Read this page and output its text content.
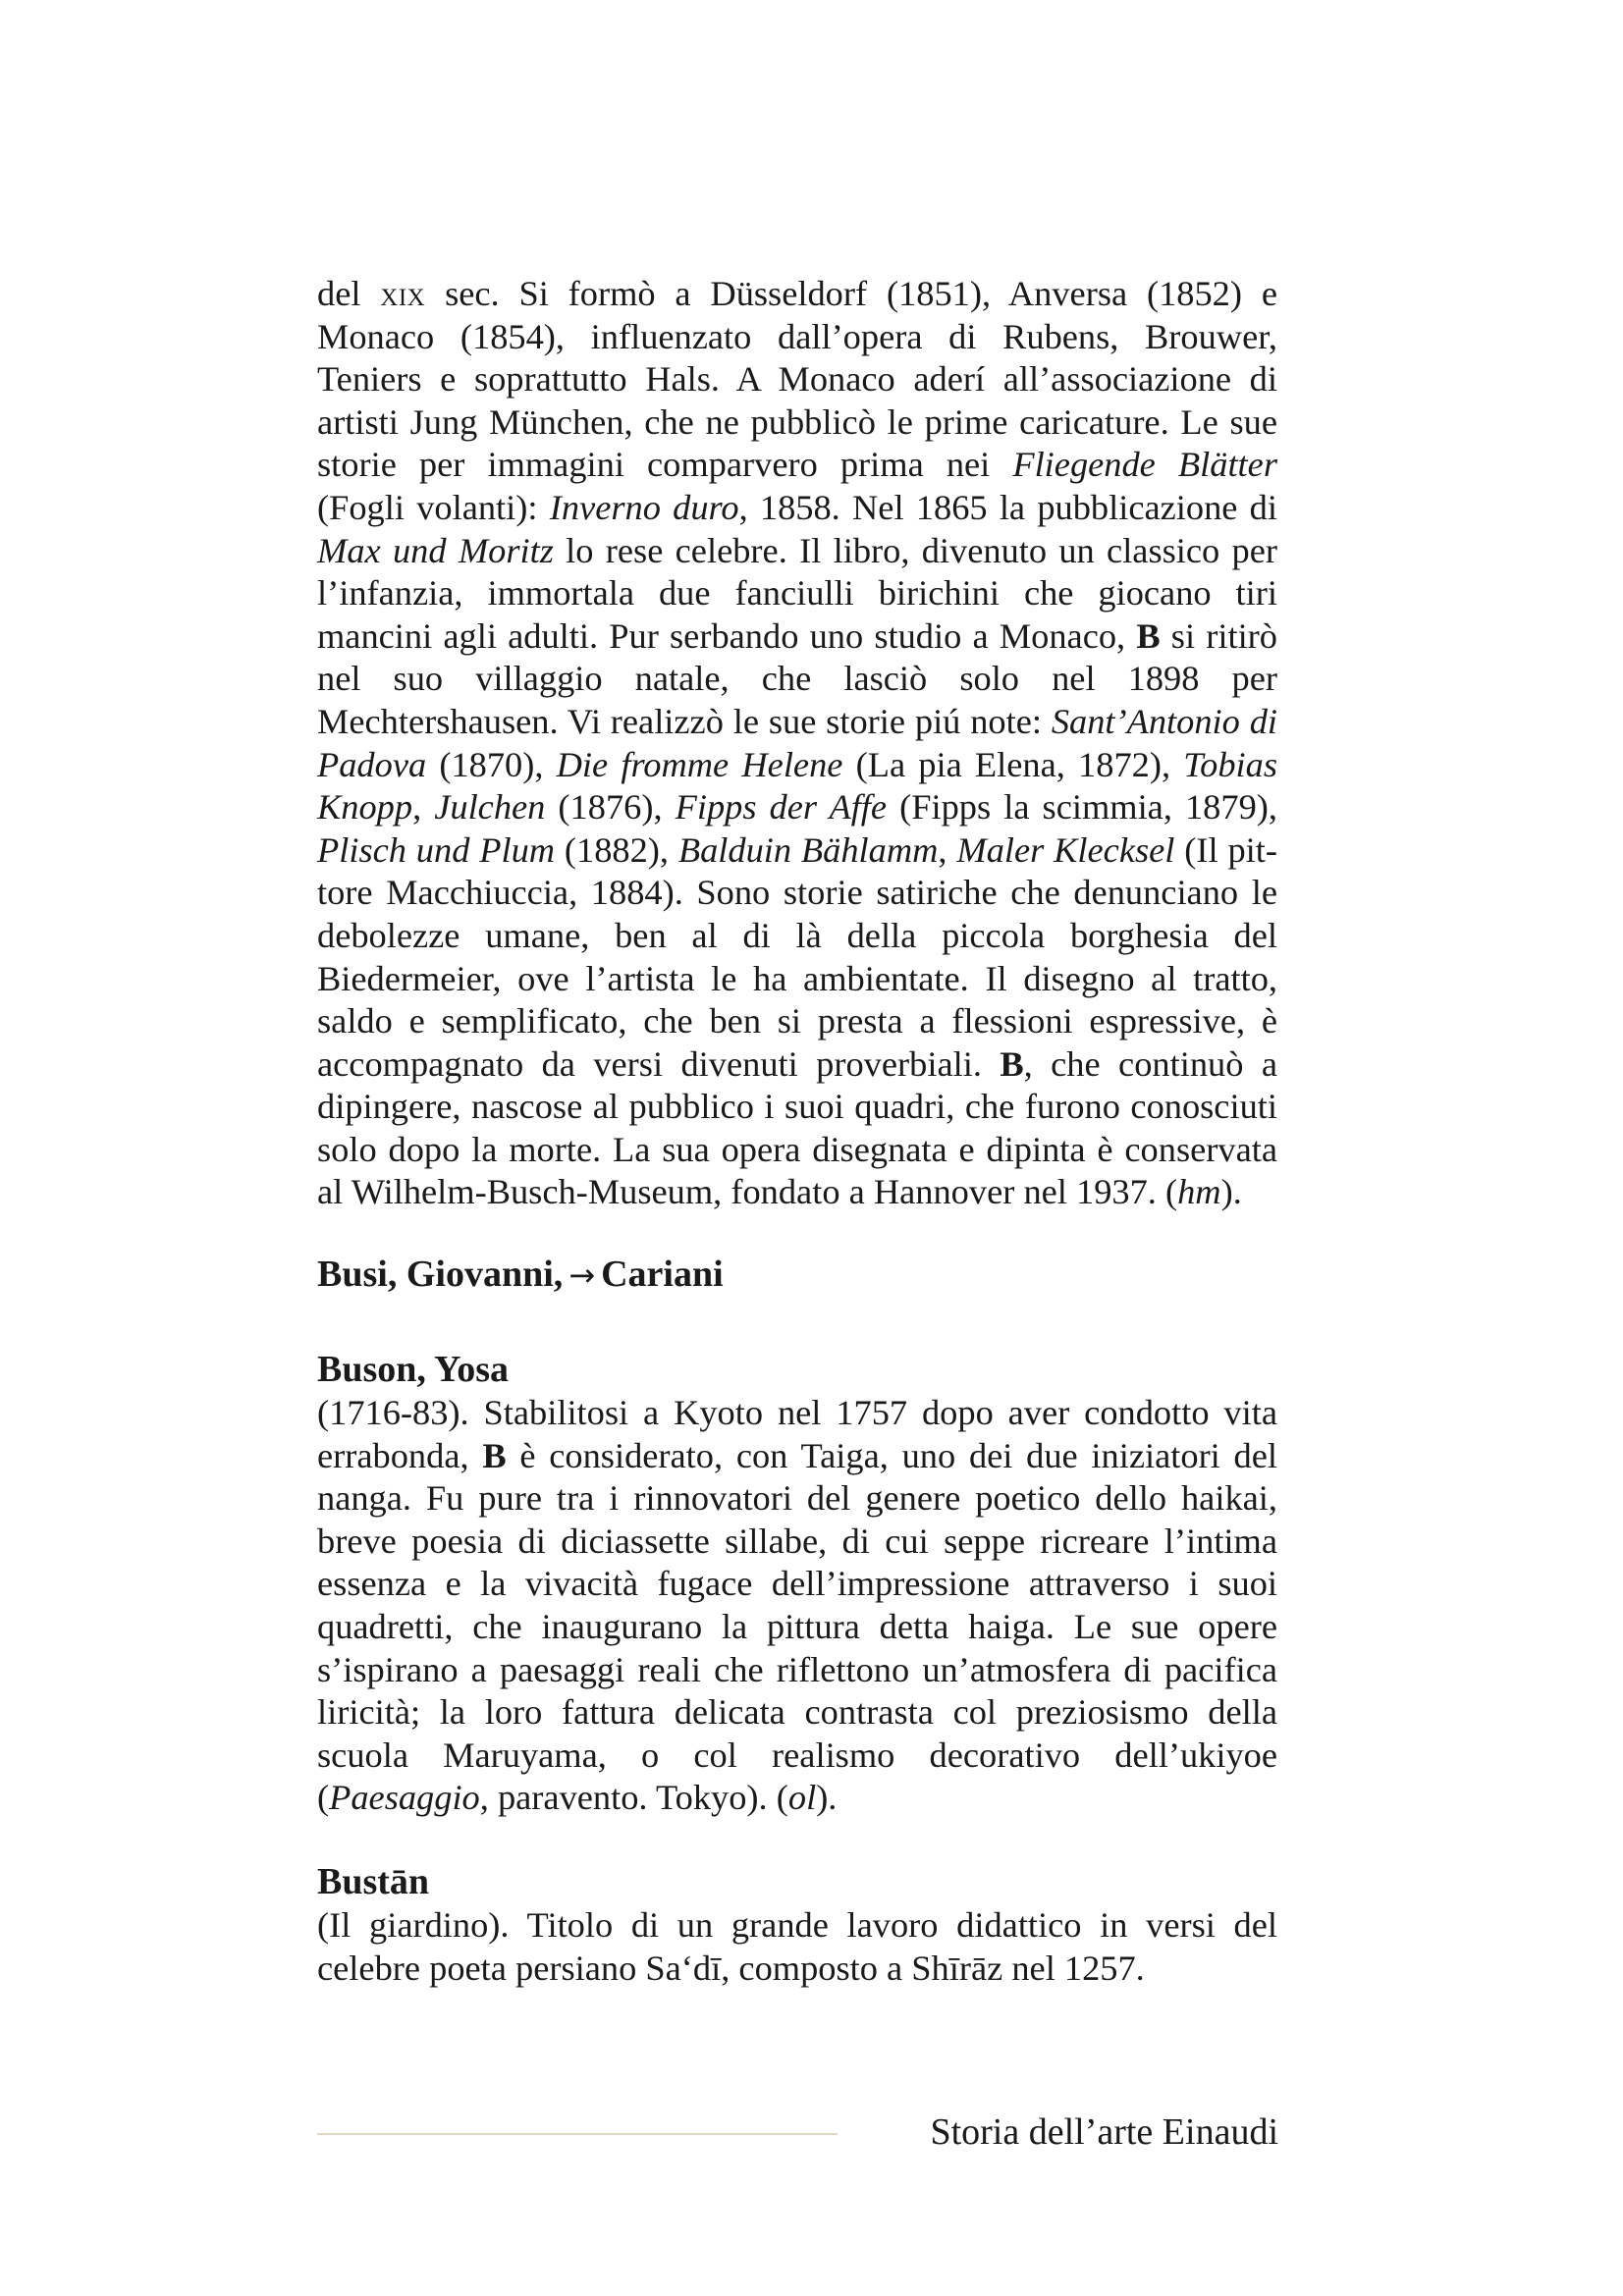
del xix sec. Si formò a Düsseldorf (1851), Anversa (1852) e Monaco (1854), influenzato dall’opera di Rubens, Brouwer, Teniers e soprattutto Hals. A Monaco aderí all’associazione di artisti Jung München, che ne pubblicò le prime caricature. Le sue storie per immagini comparvero prima nei Fliegende Blätter (Fogli volanti): Inverno duro, 1858. Nel 1865 la pubblicazione di Max und Moritz lo rese celebre. Il libro, divenuto un classico per l’infanzia, immortala due fanciulli birichini che giocano tiri mancini agli adulti. Pur serbando uno studio a Monaco, B si ritirò nel suo villaggio natale, che lasciò solo nel 1898 per Mechtershausen. Vi realizzò le sue storie piú note: Sant’Antonio di Padova (1870), Die fromme Helene (La pia Elena, 1872), Tobias Knopp, Julchen (1876), Fipps der Affe (Fipps la scimmia, 1879), Plisch und Plum (1882), Balduin Bählamm, Maler Klecksel (Il pittore Macchiuccia, 1884). Sono storie satiriche che denunciano le debolezze umane, ben al di là della piccola borghesia del Biedermeier, ove l’artista le ha ambientate. Il disegno al tratto, saldo e semplificato, che ben si presta a flessioni espressive, è accompagnato da versi divenuti proverbiali. B, che continuò a dipingere, nascose al pubblico i suoi quadri, che furono conosciuti solo dopo la morte. La sua opera disegnata e dipinta è conservata al Wilhelm-Busch-Museum, fondato a Hannover nel 1937. (hm).

Busi, Giovanni, → Cariani
Buson, Yosa

(1716-83). Stabilitosi a Kyoto nel 1757 dopo aver condotto vita errabonda, B è considerato, con Taiga, uno dei due iniziatori del nanga. Fu pure tra i rinnovatori del genere poetico dello haikai, breve poesia di diciassette sillabe, di cui seppe ricreare l’intima essenza e la vivacità fugace dell’impressione attraverso i suoi quadretti, che inaugurano la pittura detta haiga. Le sue opere s’ispirano a paesaggi reali che riflettono un’atmosfera di pacifica liricità; la loro fattura delicata contrasta col preziosismo della scuola Maruyama, o col realismo decorativo dell’ukiyoe (Paesaggio, paravento. Tokyo). (ol).

Bustān

(Il giardino). Titolo di un grande lavoro didattico in versi del celebre poeta persiano Sa‘dī, composto a Shīrāz nel 1257.

Storia dell’arte Einaudi
